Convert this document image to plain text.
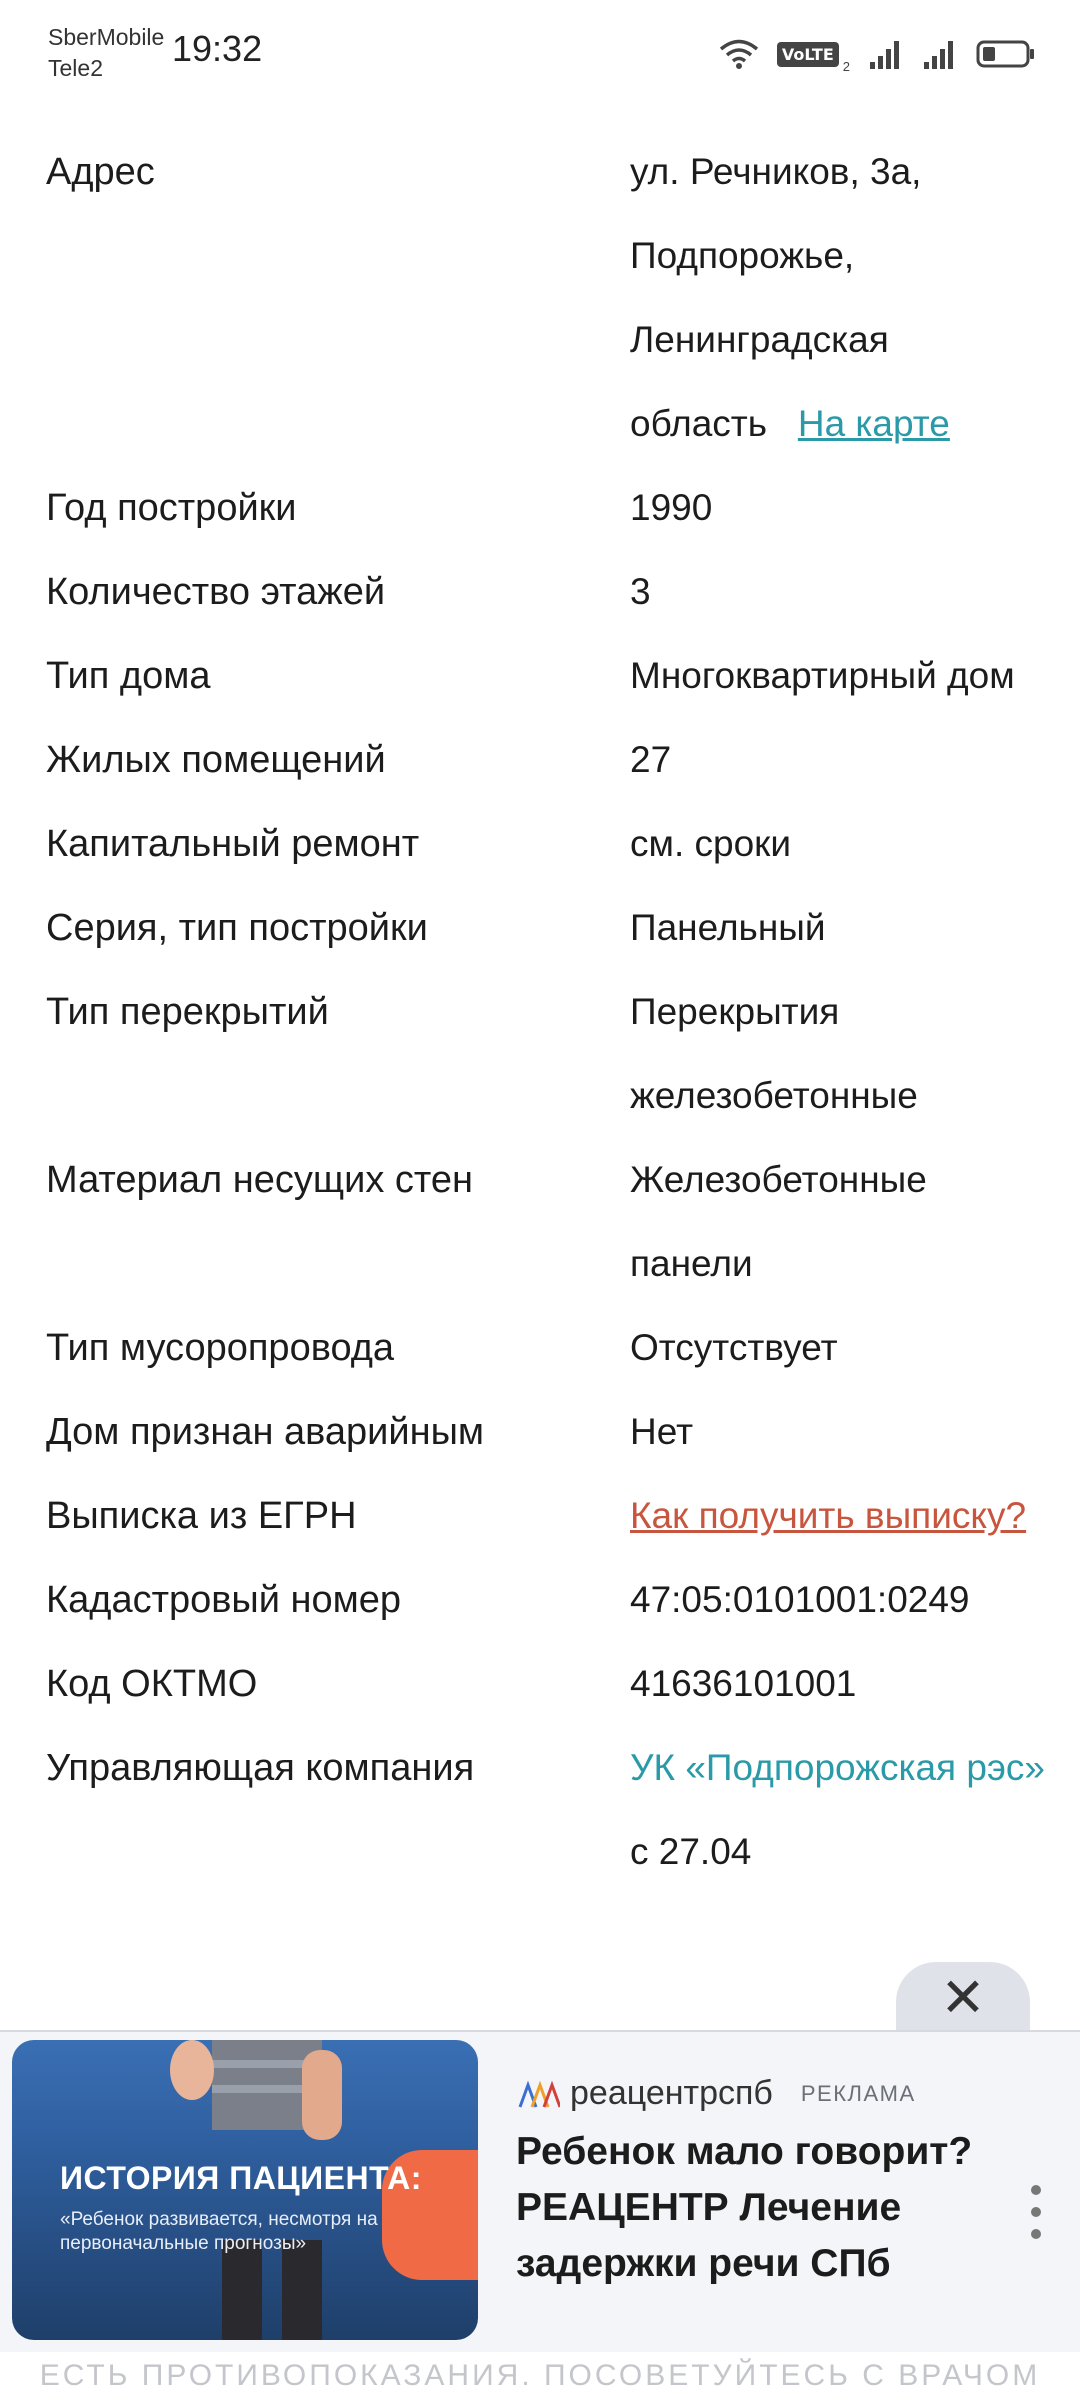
SberMobile
Tele2	19:32	VoLTE
2
Адрес	ул. Речников, 3а, Подпорожье, Ленинградская область На карте
Год постройки	1990
Количество этажей	3
Тип дома	Многоквартирный дом
Жилых помещений	27
Капитальный ремонт	см. сроки
Серия, тип постройки	Панельный
Тип перекрытий	Перекрытия железобетонные
Материал несущих стен	Железобетонные панели
Тип мусоропровода	Отсутствует
Дом признан аварийным	Нет
Выписка из ЕГРН	Как получить выписку?
Кадастровый номер	47:05:0101001:0249
Код ОКТМО	41636101001
Управляющая компания	УК «Подпорожская рэс» с 27.04
✕
ИСТОРИЯ ПАЦИЕНТА:
«Ребенок развивается, несмотря на первоначальные прогнозы»
реацентрспб РЕКЛАМА
Ребенок мало говорит? РЕАЦЕНТР Лечение задержки речи СПб
ЕСТЬ ПРОТИВОПОКАЗАНИЯ. ПОСОВЕТУЙТЕСЬ С ВРАЧОМ
